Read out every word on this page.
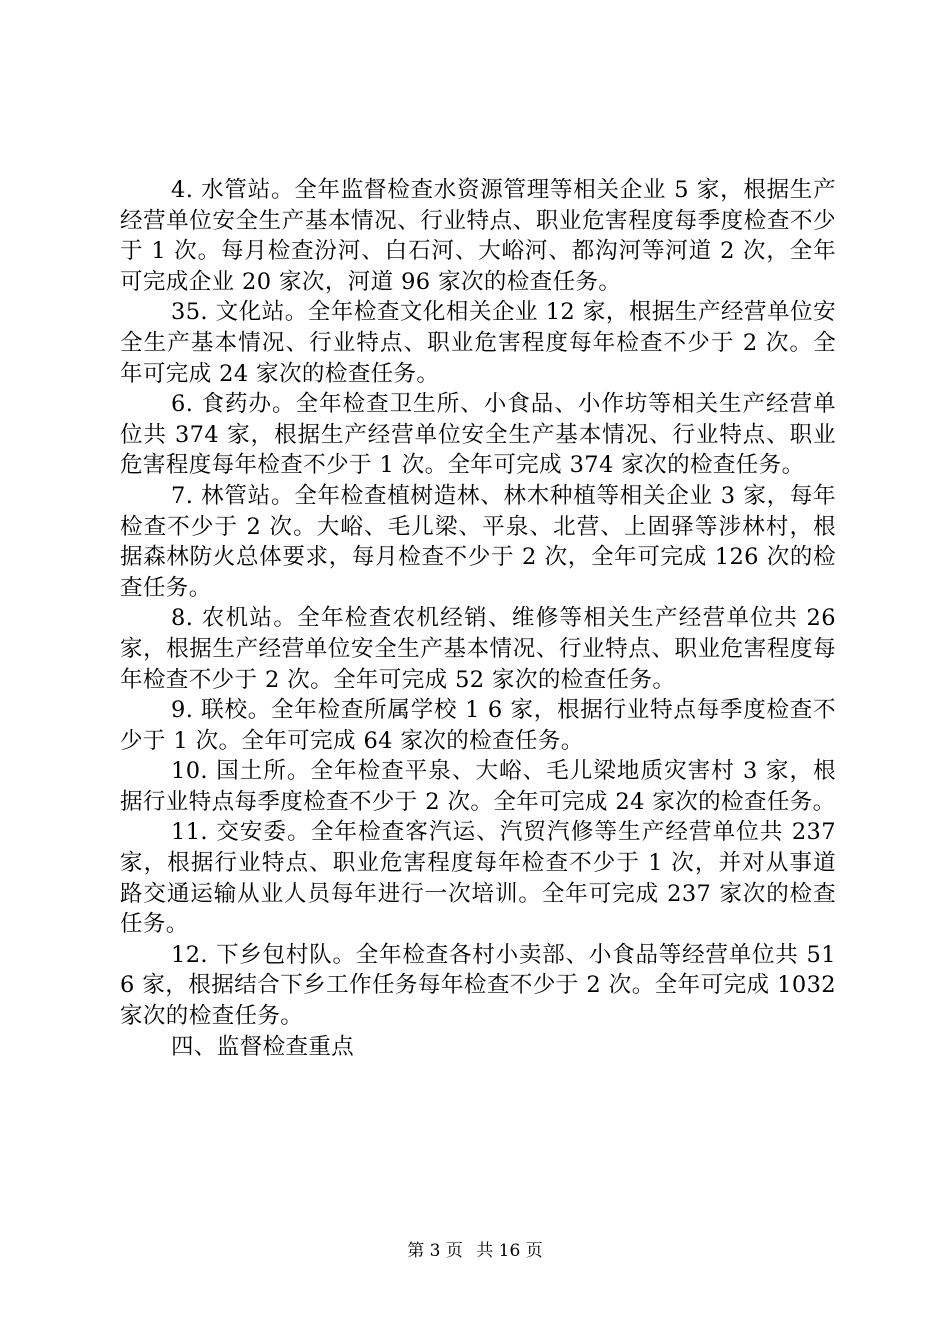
4. 水管站。全年监督检查水资源管理等相关企业 5 家，根据生产经营单位安全生产基本情况、行业特点、职业危害程度每季度检查不少于 1 次。每月检查汾河、白石河、大峪河、都沟河等河道 2 次，全年可完成企业 20 家次，河道 96 家次的检查任务。

35. 文化站。全年检查文化相关企业 12 家，根据生产经营单位安全生产基本情况、行业特点、职业危害程度每年检查不少于 2 次。全年可完成 24 家次的检查任务。

6. 食药办。全年检查卫生所、小食品、小作坊等相关生产经营单位共 374 家，根据生产经营单位安全生产基本情况、行业特点、职业危害程度每年检查不少于 1 次。全年可完成 374 家次的检查任务。

7. 林管站。全年检查植树造林、林木种植等相关企业 3 家，每年检查不少于 2 次。大峪、毛儿梁、平泉、北营、上固驿等涉林村，根据森林防火总体要求，每月检查不少于 2 次，全年可完成 126 次的检查任务。

8. 农机站。全年检查农机经销、维修等相关生产经营单位共 26 家，根据生产经营单位安全生产基本情况、行业特点、职业危害程度每年检查不少于 2 次。全年可完成 52 家次的检查任务。

9. 联校。全年检查所属学校 1 6 家，根据行业特点每季度检查不少于 1 次。全年可完成 64 家次的检查任务。

10. 国土所。全年检查平泉、大峪、毛儿梁地质灾害村 3 家，根据行业特点每季度检查不少于 2 次。全年可完成 24 家次的检查任务。

11. 交安委。全年检查客汽运、汽贸汽修等生产经营单位共 237 家，根据行业特点、职业危害程度每年检查不少于 1 次，并对从事道路交通运输从业人员每年进行一次培训。全年可完成 237 家次的检查任务。

12. 下乡包村队。全年检查各村小卖部、小食品等经营单位共 516 家，根据结合下乡工作任务每年检查不少于 2 次。全年可完成 1032 家次的检查任务。

四、监督检查重点

第 3 页 共 16 页
